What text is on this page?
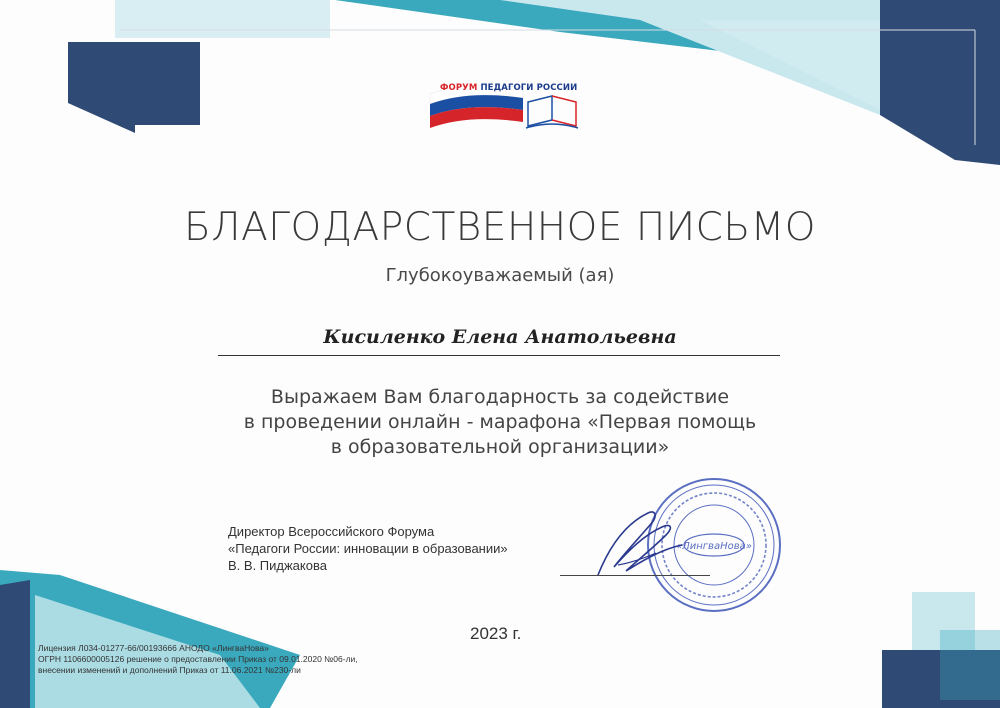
ФОРУМ ПЕДАГОГИ РОССИИ
БЛАГОДАРСТВЕННОЕ ПИСЬМО
Глубокоуважаемый (ая)
Кисиленко Елена Анатольевна
Выражаем Вам благодарность за содействие
в проведении онлайн - марафона «Первая помощь
в образовательной организации»
Директор Всероссийского Форума
«Педагоги России: инновации в образовании»
В. В. Пиджакова
«ЛингваНова»
2023 г.
Лицензия Л034-01277-66/00193666 АНОДО «ЛингваНова»
ОГРН 1106600005126 решение о предоставлении Приказ от 09.01.2020 №06-ли,
внесении изменений и дополнений Приказ от 11.06.2021 №230-ли
